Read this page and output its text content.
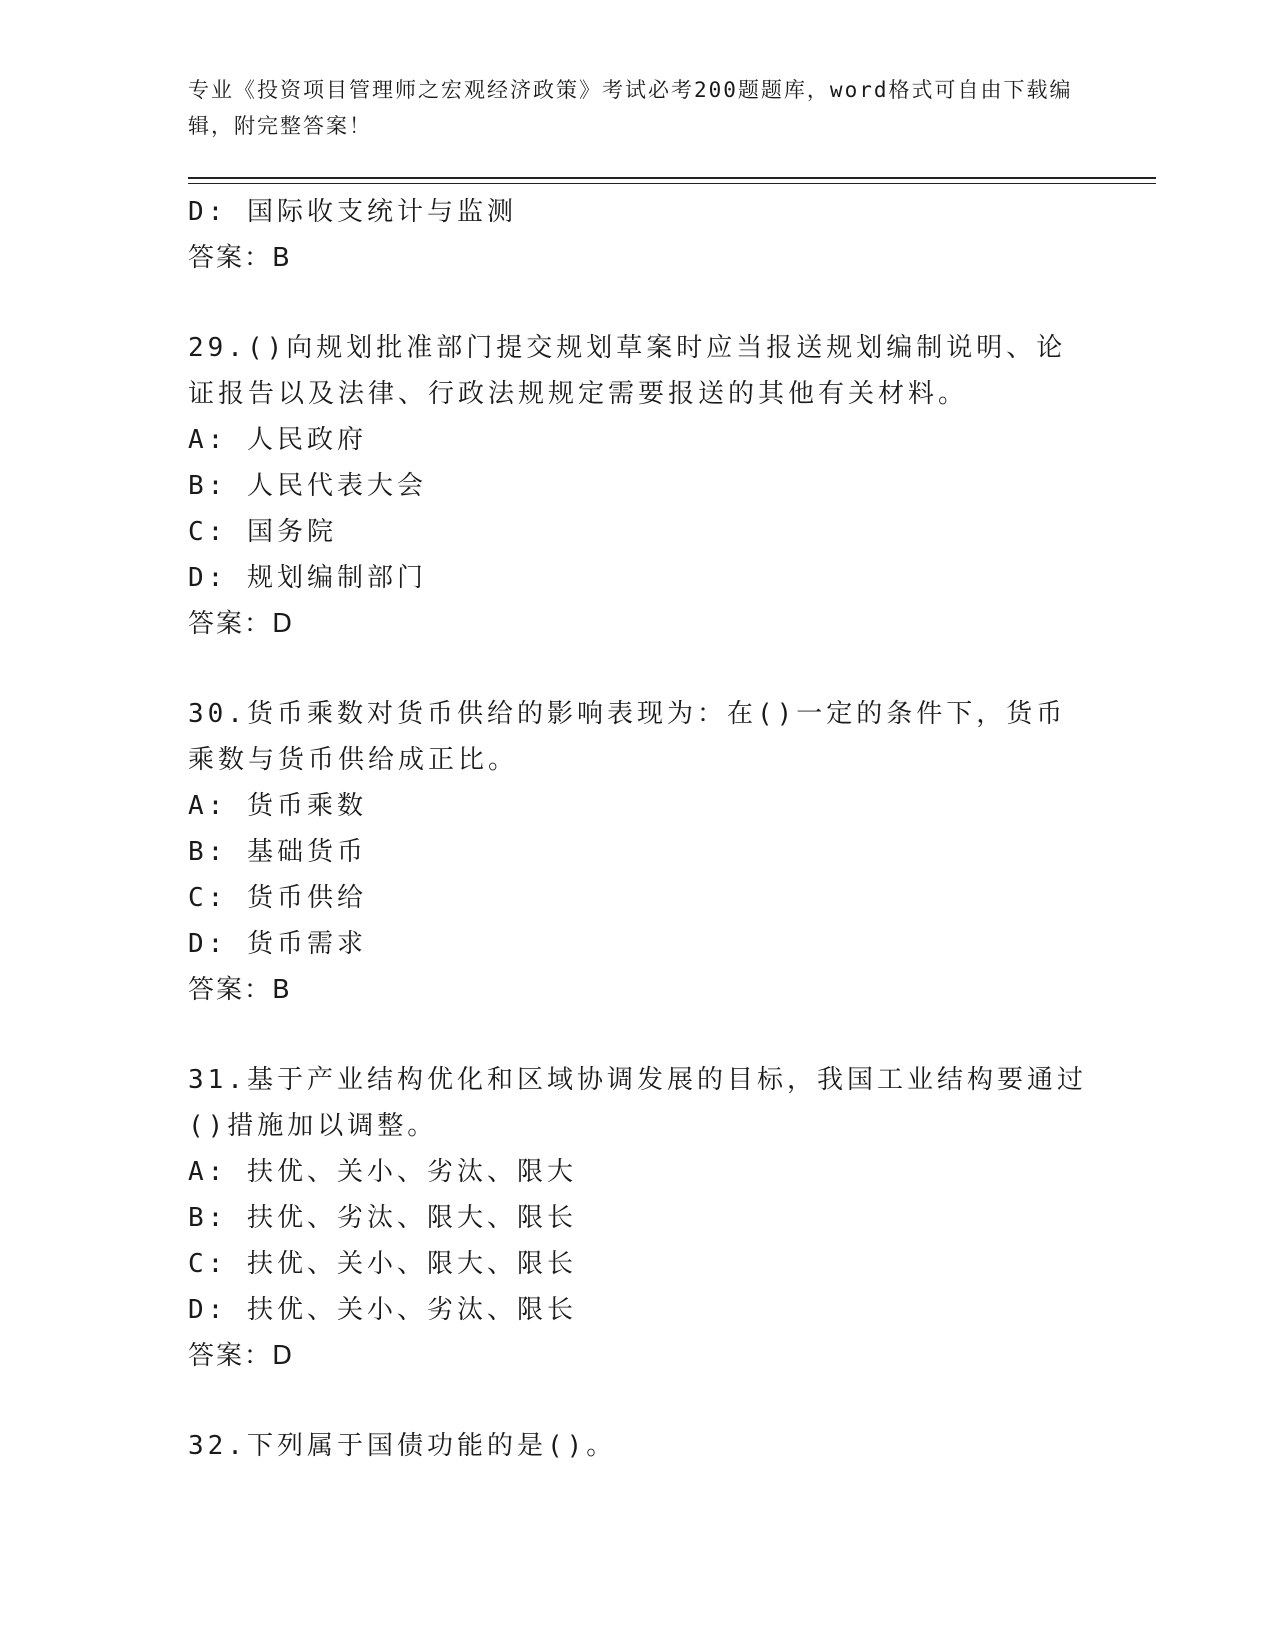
专业《投资项目管理师之宏观经济政策》考试必考200题题库，word格式可自由下载编辑，附完整答案！
D: 国际收支统计与监测
答案：B
29.()向规划批准部门提交规划草案时应当报送规划编制说明、论证报告以及法律、行政法规规定需要报送的其他有关材料。
A: 人民政府
B: 人民代表大会
C: 国务院
D: 规划编制部门
答案：D
30.货币乘数对货币供给的影响表现为：在()一定的条件下，货币乘数与货币供给成正比。
A: 货币乘数
B: 基础货币
C: 货币供给
D: 货币需求
答案：B
31.基于产业结构优化和区域协调发展的目标，我国工业结构要通过()措施加以调整。
A: 扶优、关小、劣汰、限大
B: 扶优、劣汰、限大、限长
C: 扶优、关小、限大、限长
D: 扶优、关小、劣汰、限长
答案：D
32.下列属于国债功能的是()。
